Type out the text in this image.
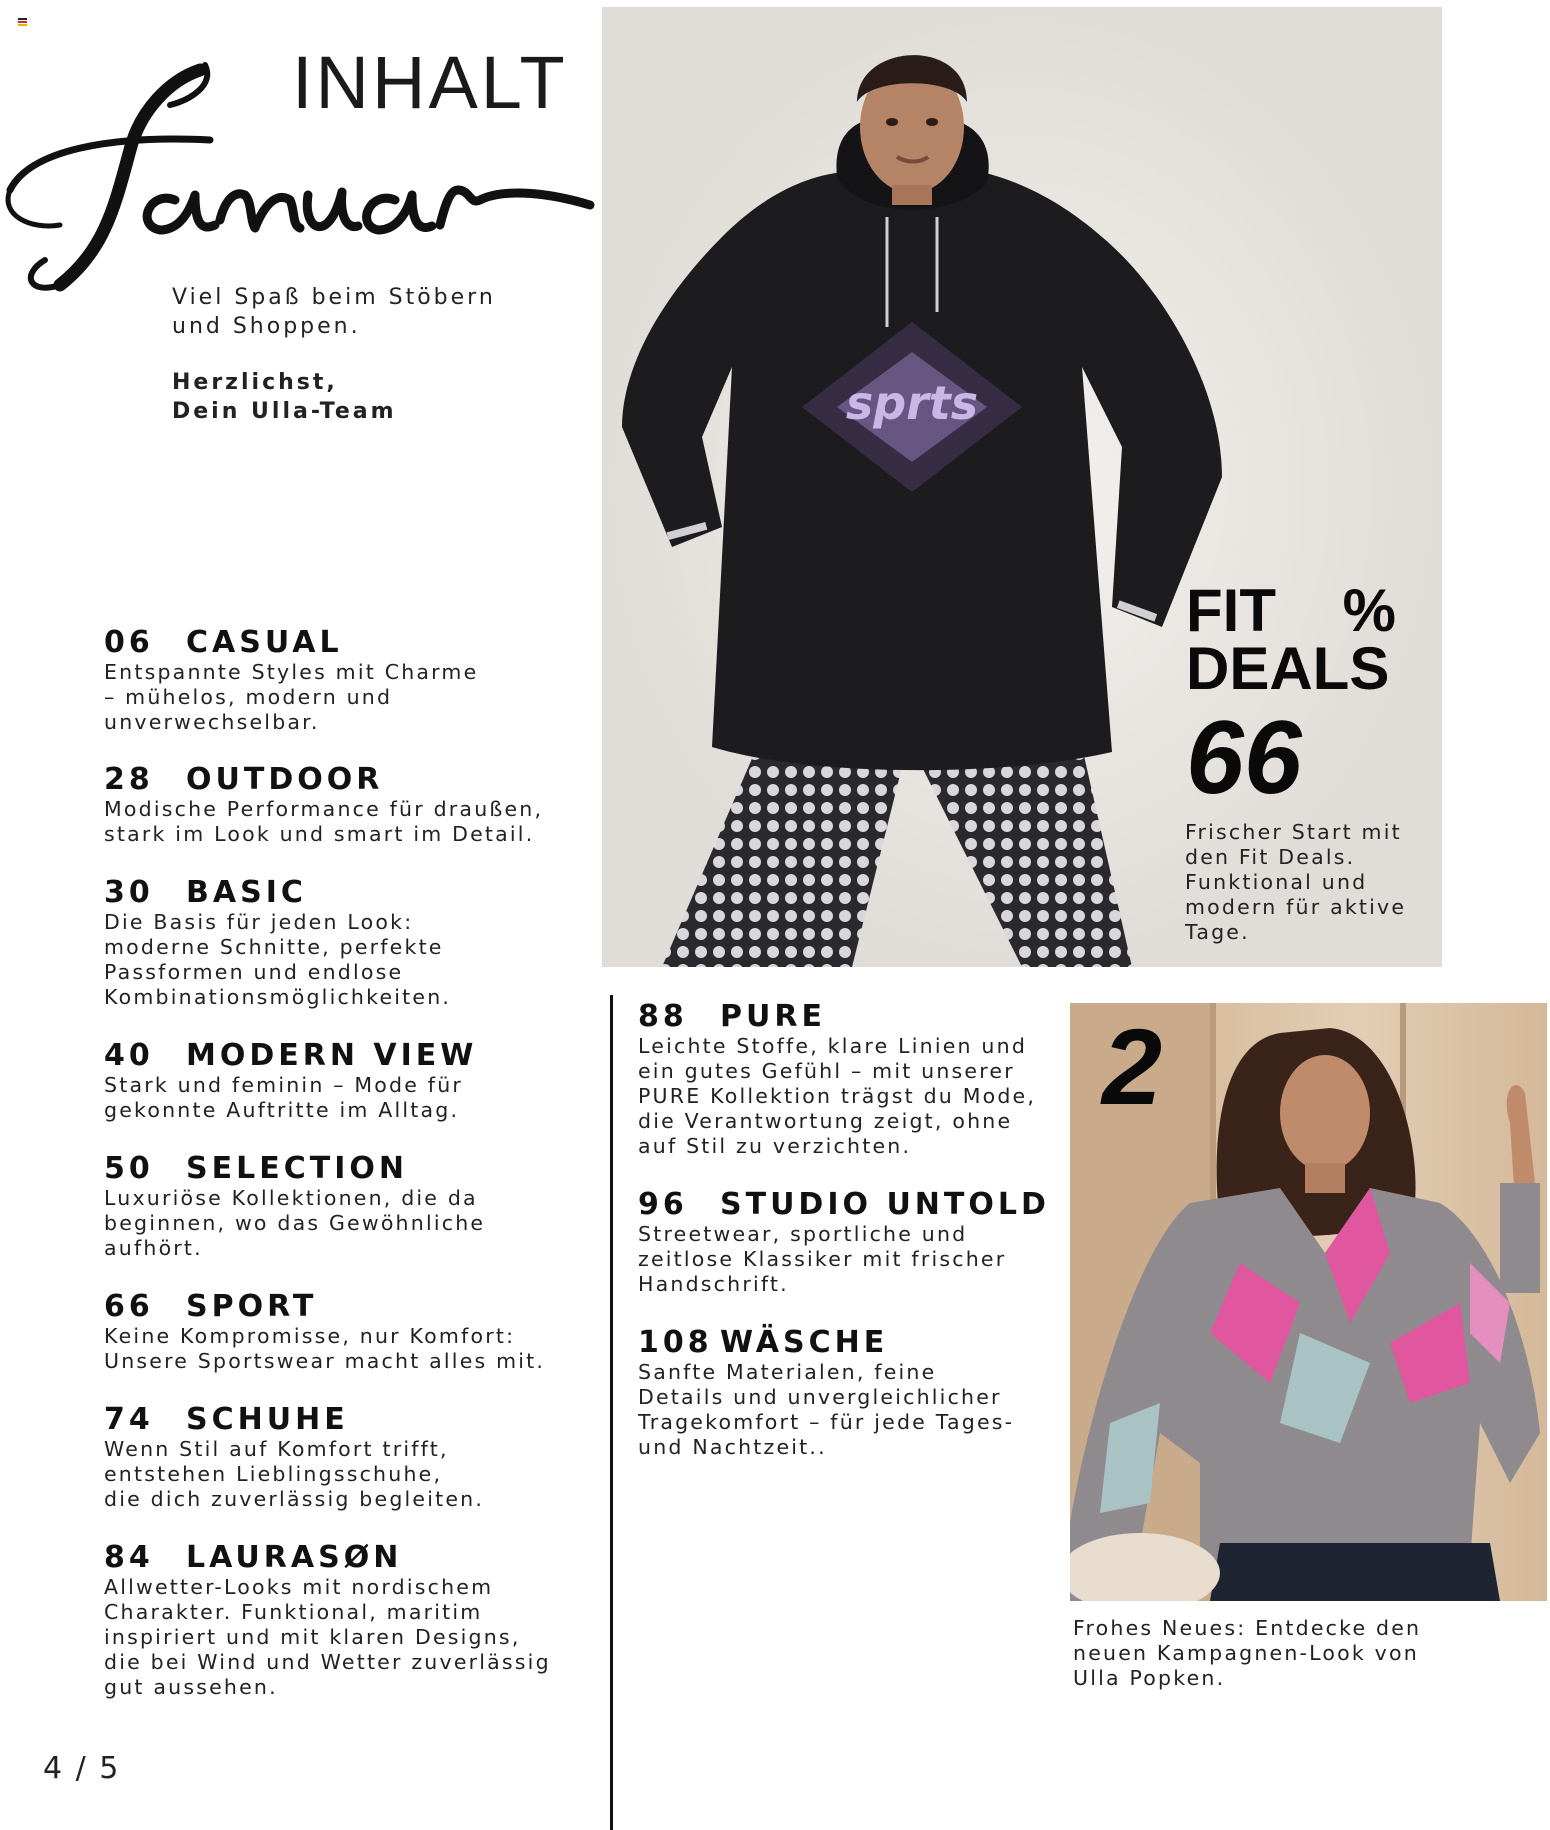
INHALT
Viel Spaß beim Stöbern
und Shoppen.
Herzlichst,
Dein Ulla-Team
06 CASUAL
Entspannte Styles mit Charme
– mühelos, modern und
unverwechselbar.
28 OUTDOOR
Modische Performance für draußen,
stark im Look und smart im Detail.
30 BASIC
Die Basis für jeden Look:
moderne Schnitte, perfekte
Passformen und endlose
Kombinationsmöglichkeiten.
40 MODERN VIEW
Stark und feminin – Mode für
gekonnte Auftritte im Alltag.
50 SELECTION
Luxuriöse Kollektionen, die da
beginnen, wo das Gewöhnliche
aufhört.
66 SPORT
Keine Kompromisse, nur Komfort:
Unsere Sportswear macht alles mit.
74 SCHUHE
Wenn Stil auf Komfort trifft,
entstehen Lieblingsschuhe,
die dich zuverlässig begleiten.
84 LAURASØN
Allwetter-Looks mit nordischem
Charakter. Funktional, maritim
inspiriert und mit klaren Designs,
die bei Wind und Wetter zuverlässig
gut aussehen.
88 PURE
Leichte Stoffe, klare Linien und
ein gutes Gefühl – mit unserer
PURE Kollektion trägst du Mode,
die Verantwortung zeigt, ohne
auf Stil zu verzichten.
96 STUDIO UNTOLD
Streetwear, sportliche und
zeitlose Klassiker mit frischer
Handschrift.
108 WÄSCHE
Sanfte Materialen, feine
Details und unvergleichlicher
Tragekomfort – für jede Tages-
und Nachtzeit..
sprts
FIT    %
DEALS
66
Frischer Start mit
den Fit Deals.
Funktional und
modern für aktive
Tage.
2
Frohes Neues: Entdecke den
neuen Kampagnen-Look von
Ulla Popken.
4 / 5
